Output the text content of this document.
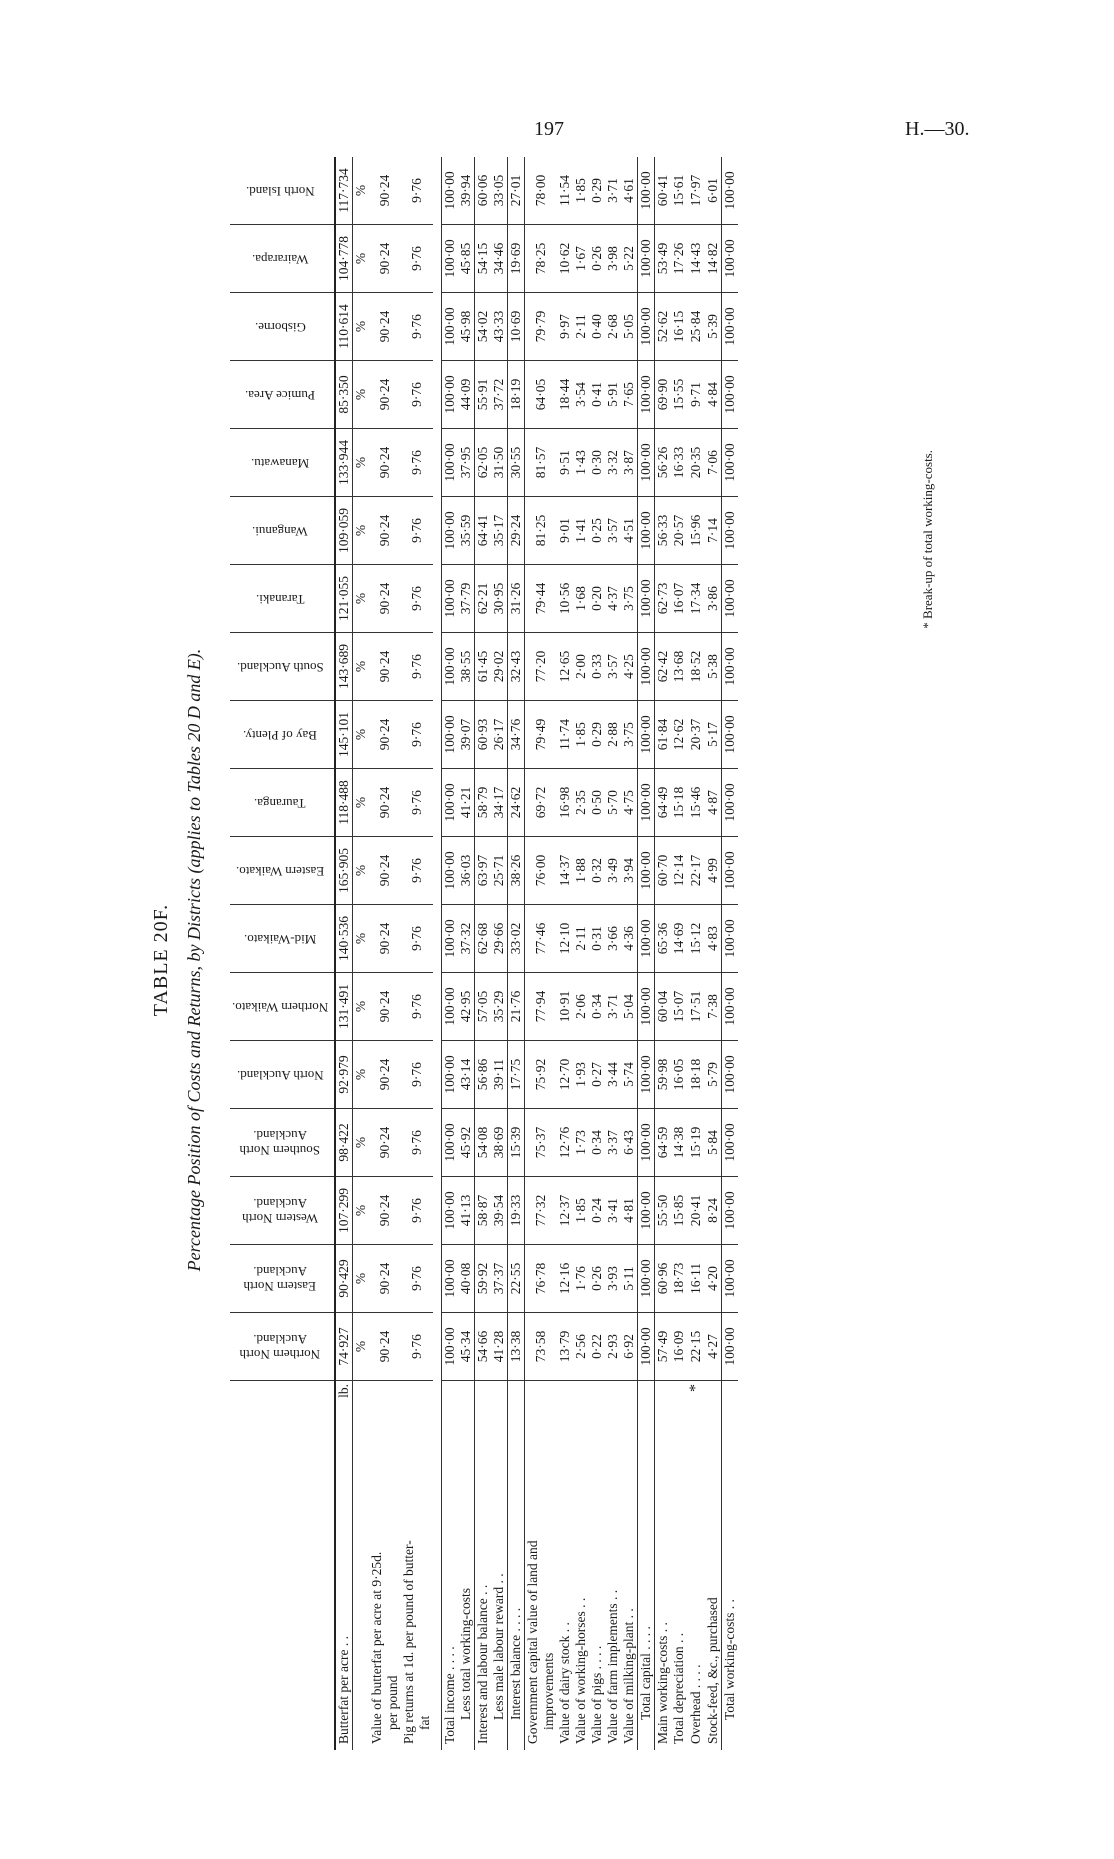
197	H.—30.
TABLE 20F. Percentage Position of Costs and Returns, by Districts (applies to Tables 20 D and E).
		Northern North Auckland.	Eastern North Auckland.	Western North Auckland.	Southern North Auckland.	North Auckland.	Northern Waikato.	Mid-Waikato.	Eastern Waikato.	Tauranga.	Bay of Plenty.	South Auckland.	Taranaki.	Wanganui.	Manawatu.	Pumice Area.	Gisborne.	Wairarapa.	North Island.

Butterfat per acre . .	lb.	74·927	90·429	107·299	98·422	92·979	131·491	140·536	165·905	118·488	145·101	143·689	121·055	109·059	133·944	85·350	110·614	104·778	117·734
		%	%	%	%	%	%	%	%	%	%	%	%	%	%	%	%	%	%

Value of butterfat per acre at 9·25d. per pound		90·24	90·24	90·24	90·24	90·24	90·24	90·24	90·24	90·24	90·24	90·24	90·24	90·24	90·24	90·24	90·24	90·24	90·24

Pig returns at 1d. per pound of butter- fat		9·76	9·76	9·76	9·76	9·76	9·76	9·76	9·76	9·76	9·76	9·76	9·76	9·76	9·76	9·76	9·76	9·76	9·76

Total income . . . .		100·00	100·00	100·00	100·00	100·00	100·00	100·00	100·00	100·00	100·00	100·00	100·00	100·00	100·00	100·00	100·00	100·00	100·00

Less total working-costs		45·34	40·08	41·13	45·92	43·14	42·95	37·32	36·03	41·21	39·07	38·55	37·79	35·59	37·95	44·09	45·98	45·85	39·94

Interest and labour balance . .		54·66	59·92	58·87	54·08	56·86	57·05	62·68	63·97	58·79	60·93	61·45	62·21	64·41	62·05	55·91	54·02	54·15	60·06

Less male labour reward . .		41·28	37·37	39·54	38·69	39·11	35·29	29·66	25·71	34·17	26·17	29·02	30·95	35·17	31·50	37·72	43·33	34·46	33·05

Interest balance . . . .		13·38	22·55	19·33	15·39	17·75	21·76	33·02	38·26	24·62	34·76	32·43	31·26	29·24	30·55	18·19	10·69	19·69	27·01

Government capital value of land and improvements		73·58	76·78	77·32	75·37	75·92	77·94	77·46	76·00	69·72	79·49	77·20	79·44	81·25	81·57	64·05	79·79	78·25	78·00

Value of dairy stock . .		13·79	12·16	12·37	12·76	12·70	10·91	12·10	14·37	16·98	11·74	12·65	10·56	9·01	9·51	18·44	9·97	10·62	11·54

Value of working-horses . .		2·56	1·76	1·85	1·73	1·93	2·06	2·11	1·88	2·35	1·85	2·00	1·68	1·41	1·43	3·54	2·11	1·67	1·85

Value of pigs . . . .		0·22	0·26	0·24	0·34	0·27	0·34	0·31	0·32	0·50	0·29	0·33	0·20	0·25	0·30	0·41	0·40	0·26	0·29

Value of farm implements . .		2·93	3·93	3·41	3·37	3·44	3·71	3·66	3·49	5·70	2·88	3·57	4·37	3·57	3·32	5·91	2·68	3·98	3·71

Value of milking-plant . .		6·92	5·11	4·81	6·43	5·74	5·04	4·36	3·94	4·75	3·75	4·25	3·75	4·51	3·87	7·65	5·05	5·22	4·61

Total capital . . . .		100·00	100·00	100·00	100·00	100·00	100·00	100·00	100·00	100·00	100·00	100·00	100·00	100·00	100·00	100·00	100·00	100·00	100·00

Main working-costs . .		57·49	60·96	55·50	64·59	59·98	60·04	65·36	60·70	64·49	61·84	62·42	62·73	56·33	56·26	69·90	52·62	53·49	60·41

Total depreciation . .		16·09	18·73	15·85	14·38	16·05	15·07	14·69	12·14	15·18	12·62	13·68	16·07	20·57	16·33	15·55	16·15	17·26	15·61

Overhead . . . .	*	22·15	16·11	20·41	15·19	18·18	17·51	15·12	22·17	15·46	20·37	18·52	17·34	15·96	20·35	9·71	25·84	14·43	17·97

Stock-feed, &c., purchased		4·27	4·20	8·24	5·84	5·79	7·38	4·83	4·99	4·87	5·17	5·38	3·86	7·14	7·06	4·84	5·39	14·82	6·01

Total working-costs . .		100·00	100·00	100·00	100·00	100·00	100·00	100·00	100·00	100·00	100·00	100·00	100·00	100·00	100·00	100·00	100·00	100·00	100·00
* Break-up of total working-costs.
